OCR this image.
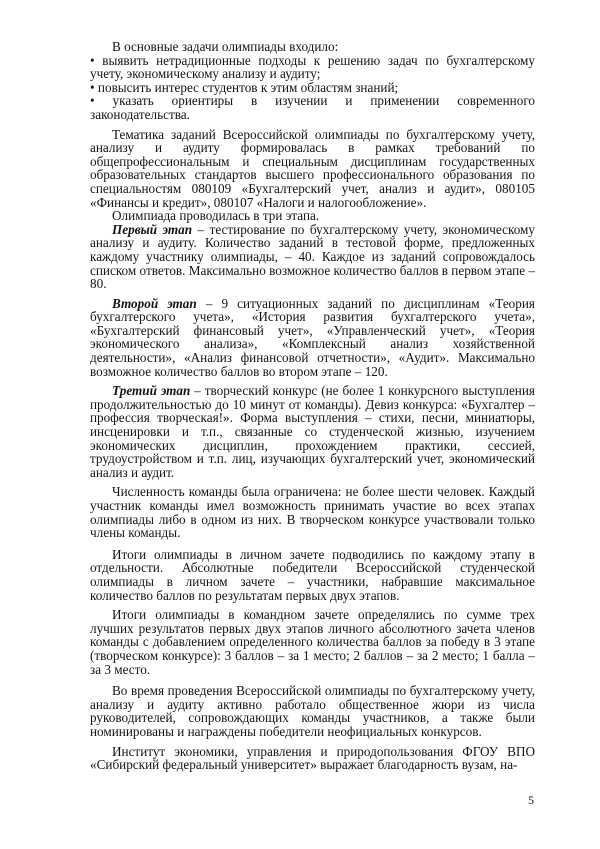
В основные задачи олимпиады входило:

• выявить нетрадиционные подходы к решению задач по бухгалтерскому учету, экономическому анализу и аудиту;

• повысить интерес студентов к этим областям знаний;

• указать ориентиры в изучении и применении современного законодательства.

Тематика заданий Всероссийской олимпиады по бухгалтерскому учету, анализу и аудиту формировалась в рамках требований по общепрофессиональным и специальным дисциплинам государственных образовательных стандартов высшего профессионального образования по специальностям 080109 «Бухгалтерский учет, анализ и аудит», 080105 «Финансы и кредит», 080107 «Налоги и налогообложение».

Олимпиада проводилась в три этапа.

Первый этап – тестирование по бухгалтерскому учету, экономическому анализу и аудиту. Количество заданий в тестовой форме, предложенных каждому участнику олимпиады, – 40. Каждое из заданий сопровождалось списком ответов. Максимально возможное количество баллов в первом этапе – 80.

Второй этап – 9 ситуационных заданий по дисциплинам «Теория бухгалтерского учета», «История развития бухгалтерского учета», «Бухгалтерский финансовый учет», «Управленческий учет», «Теория экономического анализа», «Комплексный анализ хозяйственной деятельности», «Анализ финансовой отчетности», «Аудит». Максимально возможное количество баллов во втором этапе – 120.

Третий этап – творческий конкурс (не более 1 конкурсного выступления продолжительностью до 10 минут от команды). Девиз конкурса: «Бухгалтер – профессия творческая!». Форма выступления – стихи, песни, миниатюры, инсценировки и т.п., связанные со студенческой жизнью, изучением экономических дисциплин, прохождением практики, сессией, трудоустройством и т.п. лиц, изучающих бухгалтерский учет, экономический анализ и аудит.

Численность команды была ограничена: не более шести человек. Каждый участник команды имел возможность принимать участие во всех этапах олимпиады либо в одном из них. В творческом конкурсе участвовали только члены команды.

Итоги олимпиады в личном зачете подводились по каждому этапу в отдельности. Абсолютные победители Всероссийской студенческой олимпиады в личном зачете – участники, набравшие максимальное количество баллов по результатам первых двух этапов.

Итоги олимпиады в командном зачете определялись по сумме трех лучших результатов первых двух этапов личного абсолютного зачета членов команды с добавлением определенного количества баллов за победу в 3 этапе (творческом конкурсе): 3 баллов – за 1 место; 2 баллов – за 2 место; 1 балла – за 3 место.

Во время проведения Всероссийской олимпиады по бухгалтерскому учету, анализу и аудиту активно работало общественное жюри из числа руководителей, сопровождающих команды участников, а также были номинированы и награждены победители неофициальных конкурсов.

Институт экономики, управления и природопользования ФГОУ ВПО «Сибирский федеральный университет» выражает благодарность вузам, на-

5
